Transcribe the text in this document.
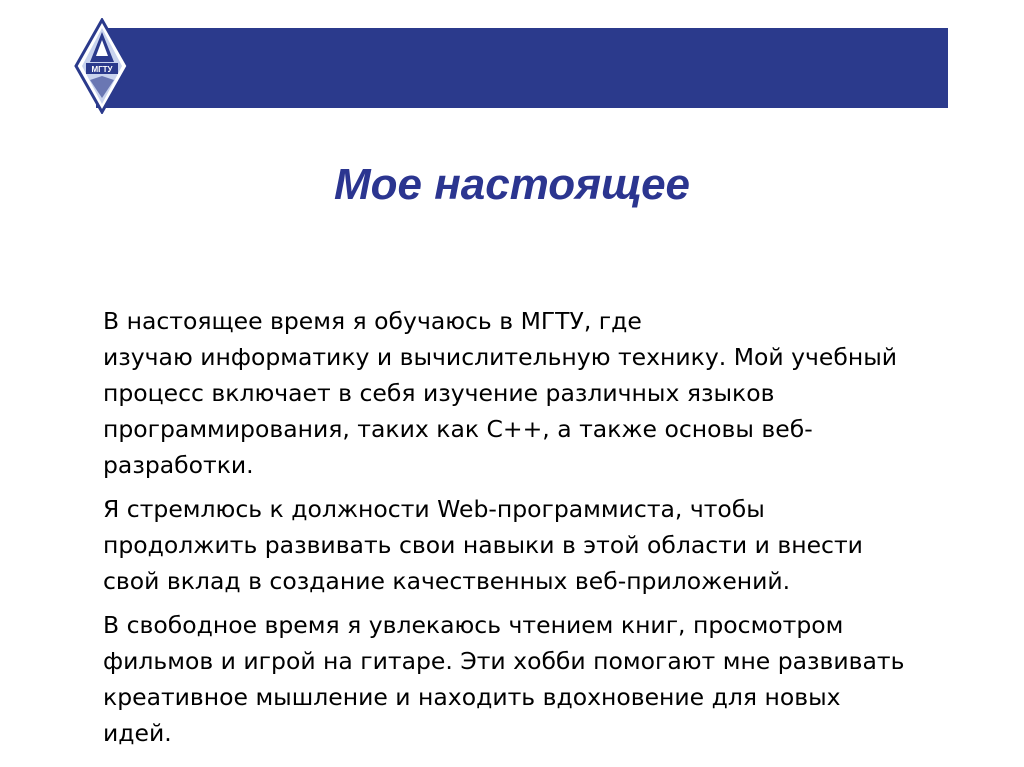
МГТУ
Мое настоящее

В настоящее время я обучаюсь в МГТУ, где
изучаю информатику и вычислительную технику. Мой учебный
процесс включает в себя изучение различных языков
программирования, таких как С++, а также основы веб-
разработки.

Я стремлюсь к должности Web-программиста, чтобы
продолжить развивать свои навыки в этой области и внести
свой вклад в создание качественных веб-приложений.

В свободное время я увлекаюсь чтением книг, просмотром
фильмов и игрой на гитаре. Эти хобби помогают мне развивать
креативное мышление и находить вдохновение для новых
идей.
